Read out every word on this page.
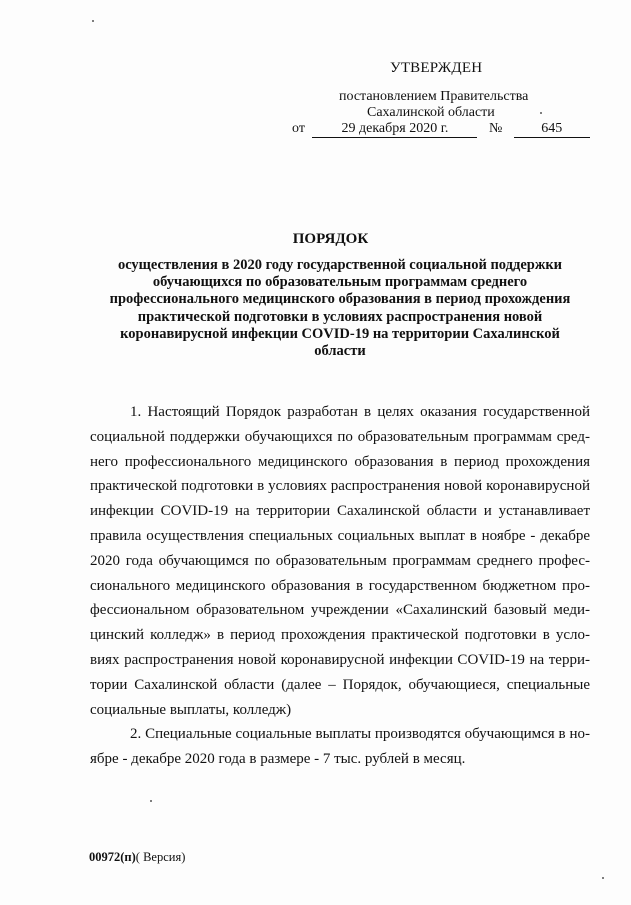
УТВЕРЖДЕН
постановлением Правительства
Сахалинской области
от	29 декабря 2020 г.	№	645
ПОРЯДОК
осуществления в 2020 году государственной социальной поддержки
обучающихся по образовательным программам среднего
профессионального медицинского образования в период прохождения
практической подготовки в условиях распространения новой
коронавирусной инфекции COVID-19 на территории Сахалинской
области
1. Настоящий Порядок разработан в целях оказания государственной
социальной поддержки обучающихся по образовательным программам сред-
него профессионального медицинского образования в период прохождения
практической подготовки в условиях распространения новой коронавирусной
инфекции COVID-19 на территории Сахалинской области и устанавливает
правила осуществления специальных социальных выплат в ноябре - декабре
2020 года обучающимся по образовательным программам среднего профес-
сионального медицинского образования в государственном бюджетном про-
фессиональном образовательном учреждении «Сахалинский базовый меди-
цинский колледж» в период прохождения практической подготовки в усло-
виях распространения новой коронавирусной инфекции COVID-19 на терри-
тории Сахалинской области (далее – Порядок, обучающиеся, специальные
социальные выплаты, колледж)
2. Специальные социальные выплаты производятся обучающимся в но-
ябре - декабре 2020 года в размере - 7 тыс. рублей в месяц.
00972(п)( Версия)
